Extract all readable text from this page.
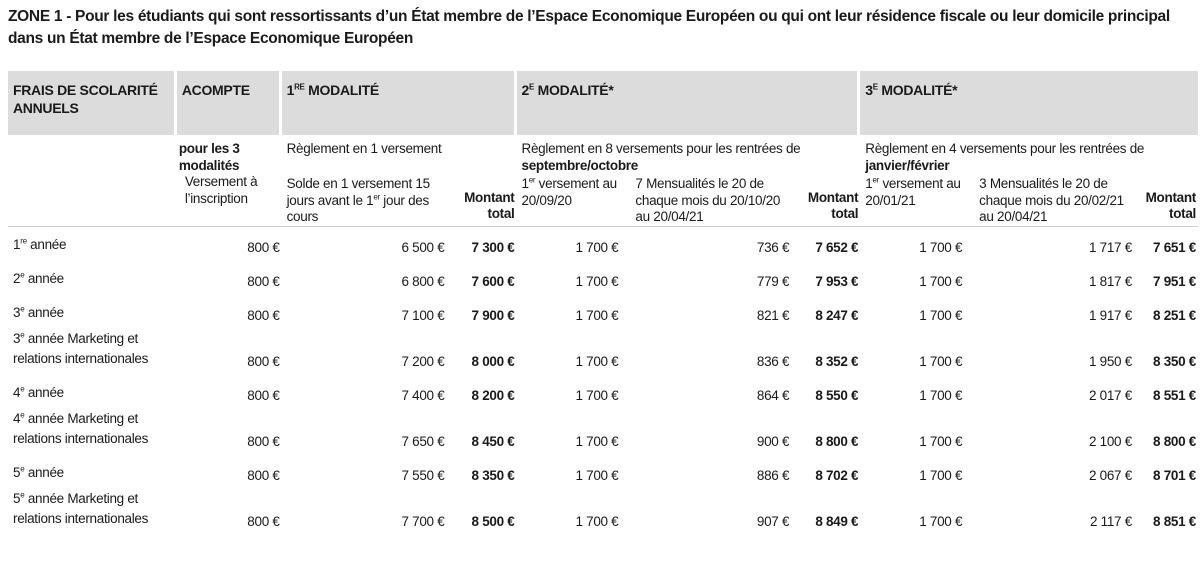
ZONE 1 - Pour les étudiants qui sont ressortissants d’un État membre de l’Espace Economique Européen ou qui ont leur résidence fiscale ou leur domicile principal dans un État membre de l’Espace Economique Européen
FRAIS DE SCOLARITÉ ANNUELS	ACOMPTE	1RE MODALITÉ		$2^E$ MODALITÉ*			$3^E$ MODALITÉ*		
	pour les 3 modalités	Règlement en 1 versement		Règlement en 8 versements pour les rentrées de
septembre/octobre			Règlement en 4 versements pour les rentrées de
janvier/février		
	Versement à l’inscription	Solde en 1 versement 15 jours avant le 1er jour des cours	Montant total	1er versement au 20/09/20	7 Mensualités le 20 de chaque mois du 20/10/20 au 20/04/21	Montant total	1er versement au 20/01/21	3 Mensualités le 20 de chaque mois du 20/02/21 au 20/04/21	Montant total
1re année	800 €	6 500 €	7 300 €	1 700 €	736 €	7 652 €	1 700 €	1 717 €	7 651 €
2e année	800 €	6 800 €	7 600 €	1 700 €	779 €	7 953 €	1 700 €	1 817 €	7 951 €
3e année	800 €	7 100 €	7 900 €	1 700 €	821 €	8 247 €	1 700 €	1 917 €	8 251 €
3e année Marketing et relations internationales	800 €	7 200 €	8 000 €	1 700 €	836 €	8 352 €	1 700 €	1 950 €	8 350 €
4e année	800 €	7 400 €	8 200 €	1 700 €	864 €	8 550 €	1 700 €	2 017 €	8 551 €
4e année Marketing et relations internationales	800 €	7 650 €	8 450 €	1 700 €	900 €	8 800 €	1 700 €	2 100 €	8 800 €
5e année	800 €	7 550 €	8 350 €	1 700 €	886 €	8 702 €	1 700 €	2 067 €	8 701 €
5e année Marketing et relations internationales	800 €	7 700 €	8 500 €	1 700 €	907 €	8 849 €	1 700 €	2 117 €	8 851 €
